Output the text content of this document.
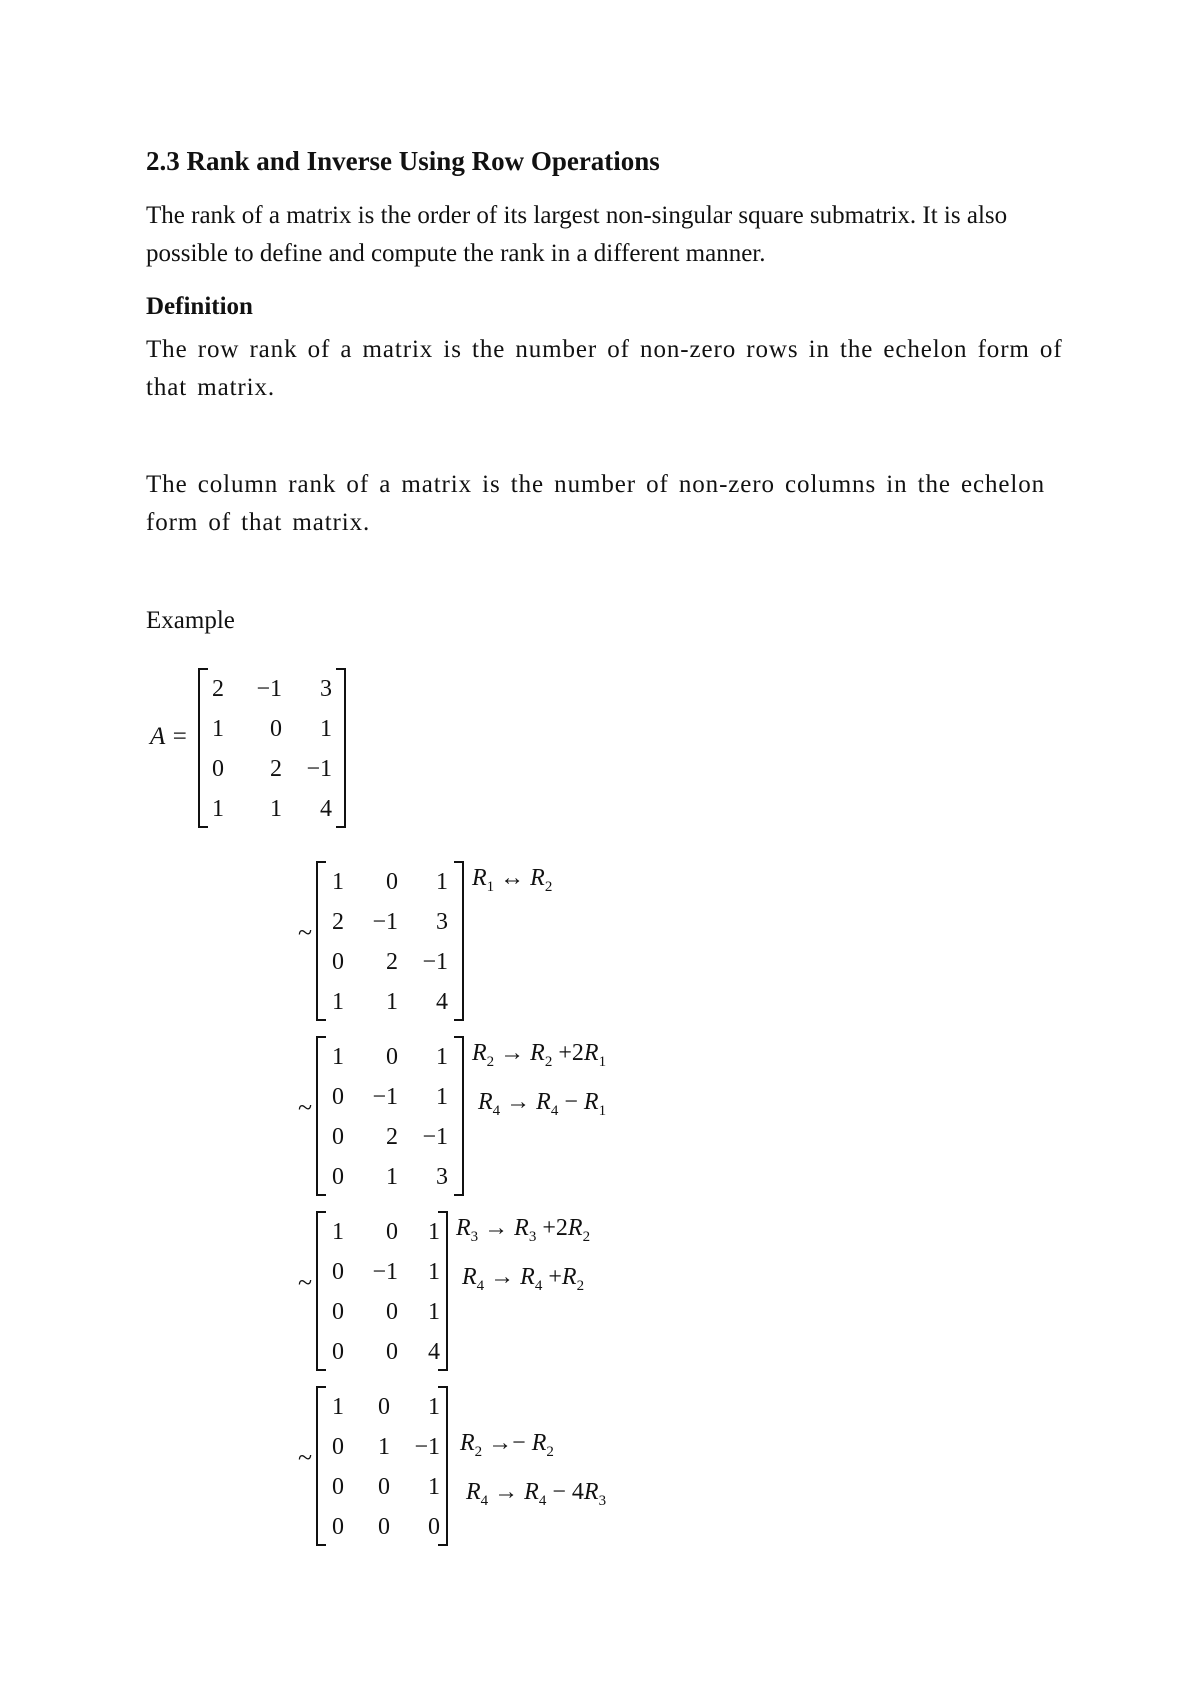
2.3 Rank and Inverse Using Row Operations
The rank of a matrix is the order of its largest non-singular square submatrix. It is also possible to define and compute the rank in a different manner.
Definition
The row rank of a matrix is the number of non-zero rows in the echelon form of that matrix.
The column rank of a matrix is the number of non-zero columns in the echelon form of that matrix.
Example
A =
2	−1	3
1	0	1
0	2	−1
1	1	4
~
1	0	1
2	−1	3
0	2	−1
1	1	4
$R_1$ ↔ $R_2$
~
1	0	1
0	−1	1
0	2	−1
0	1	3
$R_2 \to R_2 +2R_1$
$R_4 \to R_4 - R_1$
~
1	0	1
0	−1	1
0	0	1
0	0	4
$R_3 \to R_3 +2R_2$
$R_4 \to R_4 +R_2$
~
1	0	1
0	1	−1
0	0	1
0	0	0
$R_2 \to- R_2$
$R_4 \to R_4 - 4R_3$
